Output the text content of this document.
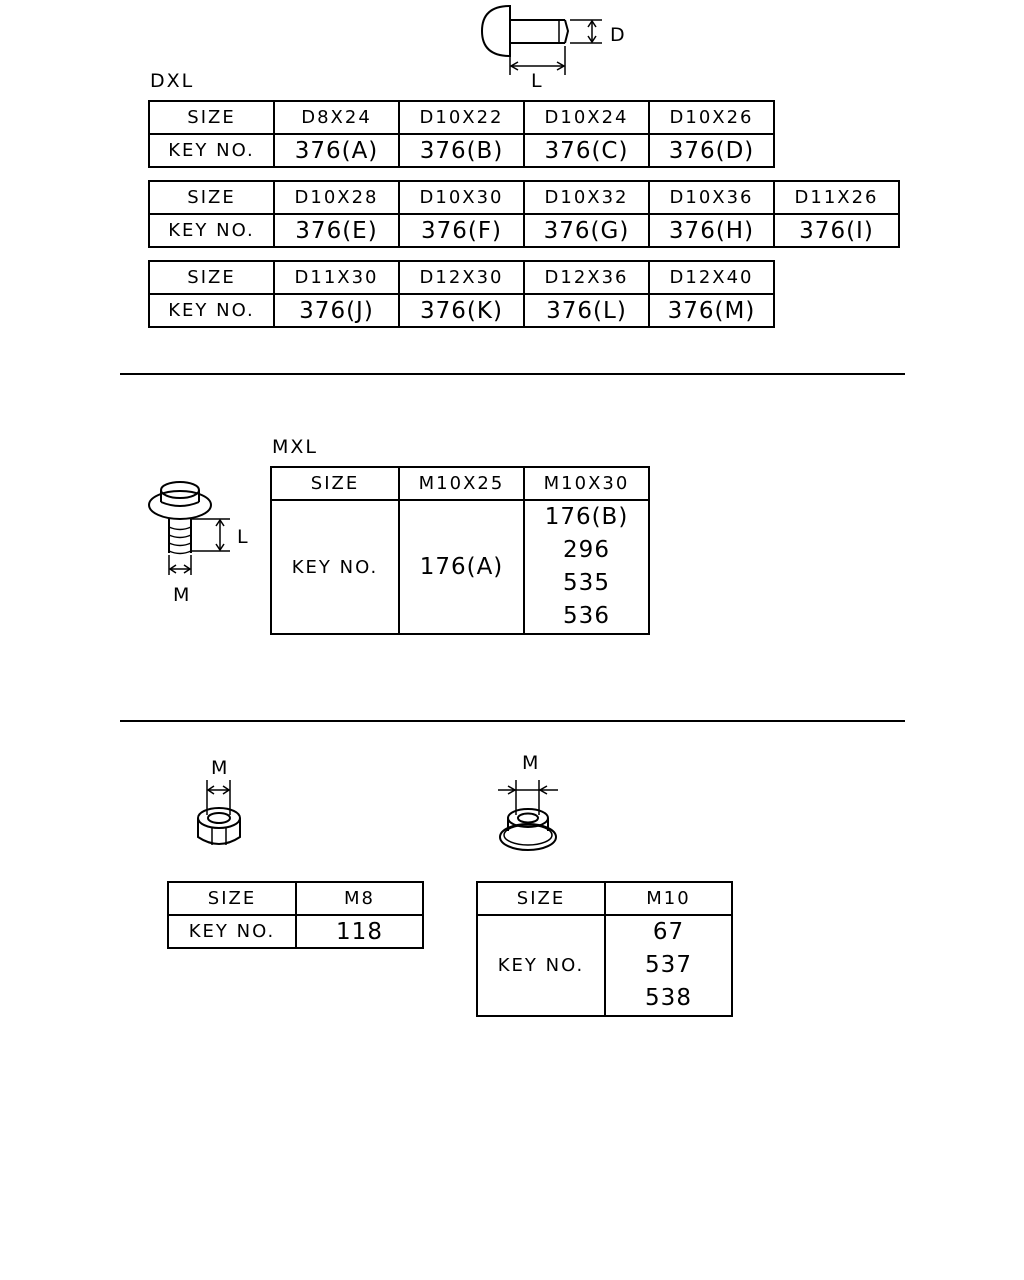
D
L
DXL
SIZE	D8X24	D10X22	D10X24	D10X26
KEY NO.	376(A)	376(B)	376(C)	376(D)
SIZE	D10X28	D10X30	D10X32	D10X36	D11X26
KEY NO.	376(E)	376(F)	376(G)	376(H)	376(I)
SIZE	D11X30	D12X30	D12X36	D12X40
KEY NO.	376(J)	376(K)	376(L)	376(M)
MXL
L
M
SIZE	M10X25	M10X30
KEY NO.	176(A)	176(B)
296
535
536
M	M
SIZE	M8
KEY NO.	118
SIZE	M10
KEY NO.	67
537
538
